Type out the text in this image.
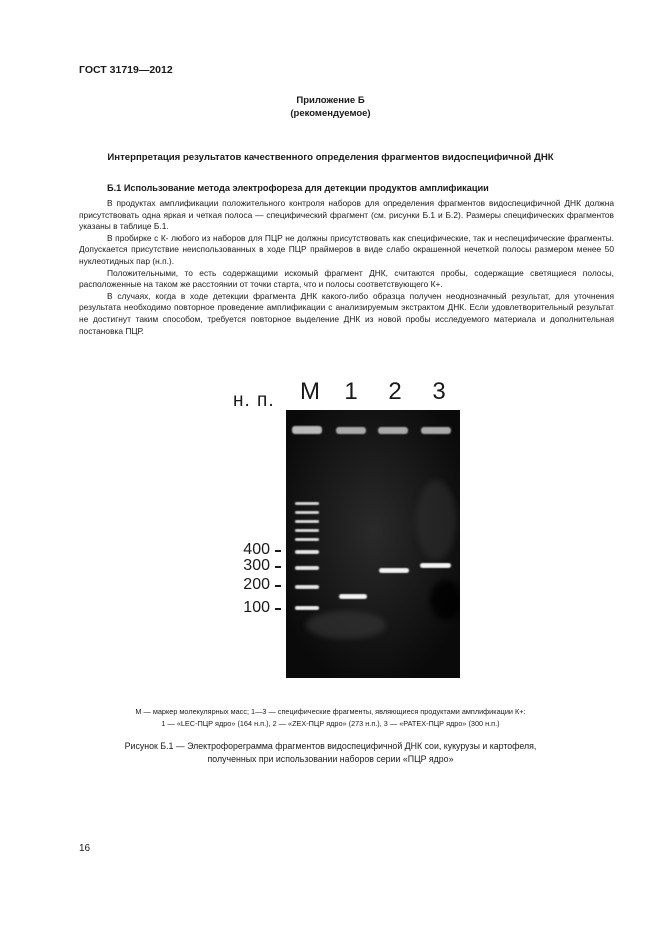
ГОСТ 31719—2012
Приложение Б
(рекомендуемое)
Интерпретация результатов качественного определения фрагментов видоспецифичной ДНК
Б.1 Использование метода электрофореза для детекции продуктов амплификации

В продуктах амплификации положительного контроля наборов для определения фрагментов видоспецифичной ДНК должна присутствовать одна яркая и четкая полоса — специфический фрагмент (см. рисунки Б.1 и Б.2). Размеры специфических фрагментов указаны в таблице Б.1.

В пробирке с К- любого из наборов для ПЦР не должны присутствовать как специфические, так и неспецифические фрагменты. Допускается присутствие неиспользованных в ходе ПЦР праймеров в виде слабо окрашенной нечеткой полосы размером менее 50 нуклеотидных пар (н.п.).

Положительными, то есть содержащими искомый фрагмент ДНК, считаются пробы, содержащие светящиеся полосы, расположенные на таком же расстоянии от точки старта, что и полосы соответствующего К+.

В случаях, когда в ходе детекции фрагмента ДНК какого-либо образца получен неоднозначный результат, для уточнения результата необходимо повторное проведение амплификации с анализируемым экстрактом ДНК. Если удовлетворительный результат не достигнут таким способом, требуется повторное выделение ДНК из новой пробы исследуемого материала и дополнительная постановка ПЦР.

н. п. M	1	2	3
400
300
200
100
М — маркер молекулярных масс; 1—3 — специфические фрагменты, являющиеся продуктами амплификации К+:
1 — «LEC-ПЦР ядро» (164 н.п.), 2 — «ZEX-ПЦР ядро» (273 н.п.), 3 — «PATEX-ПЦР ядро» (300 н.п.)
Рисунок Б.1 — Электрофореграмма фрагментов видоспецифичной ДНК сои, кукурузы и картофеля,
полученных при использовании наборов серии «ПЦР ядро»
16
